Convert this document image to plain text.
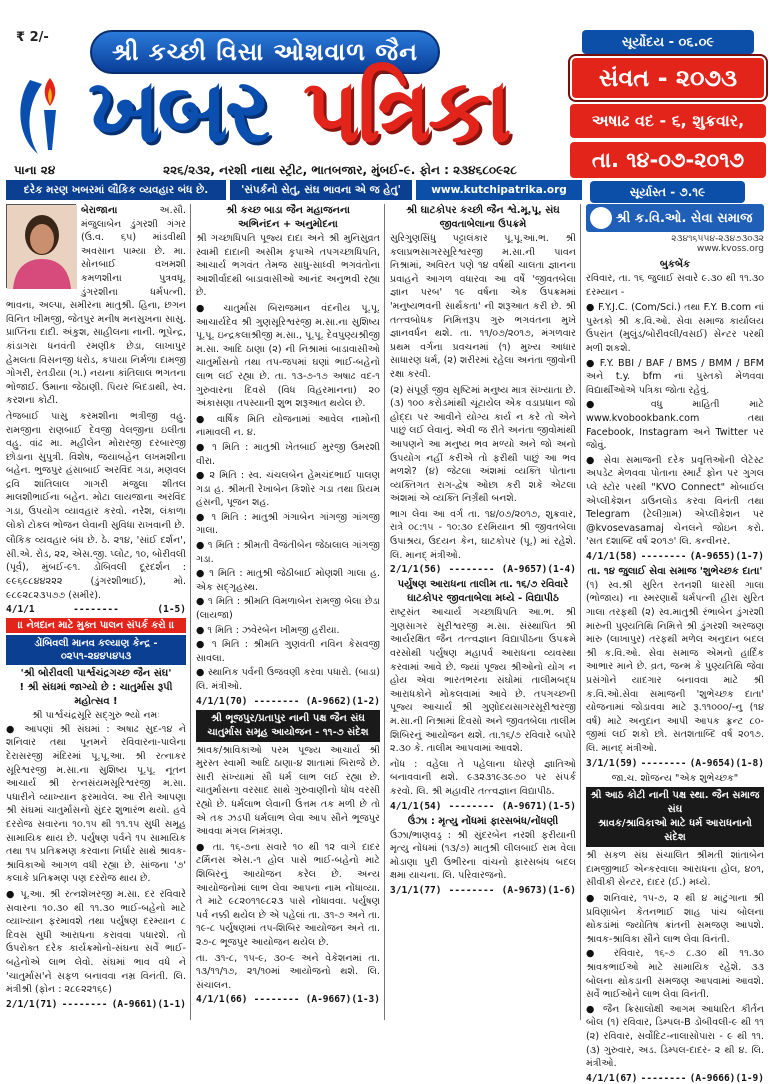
₹ 2/-
શ્રી કચ્છી વિસા ઓશવાળ જૈન
ખબર પત્રિકા
સૂર્યોદય - ૦૬.૦૯
સંવત - ૨૦૭૩
અષાઢ વદ - ૬, શુક્રવાર,
તા. ૧૪-૦૭-૨૦૧૭
સૂર્યાસ્ત - ૭.૧૯
પાના ૨૪	૨૨૬/૨૩૨, નરશી નાથા સ્ટ્રીટ, ભાતબજાર, મુંબઈ-૯. ફોન : ૨૩૪૬૮૦૯૨૮
દરેક મરણ ખબરમાં લૌકિક વ્યવહાર બંધ છે.	'સંપર્કનો સેતુ, સંઘ ભાવના એ જ હેતુ'	www.kutchipatrika.org
બેરાજાના	અ.સૌ. મંજુલાબેન ડુંગરશી ગંગર (ઉ.વ. ૬૫) માંડવીથી અવસાન પામ્યા છે. મા. સોનબાઈ વખમશી કમળશીના પુત્રવધૂ. ડુંગરશીના ધર્મપત્ની. ભાવના, અલ્પા, સમીરના માતુશ્રી. હિના, છગન વિનિત ખીમજી, જેતપુર મનીષ મનસુખના સાસુ. પ્રાપ્તિના દાદી. અંકુશ, સાહીલના નાની. ભૂપેન્દ્ર, કાંડાગરા ધનવંતી રમણીક છેડા, લાખાપુર હેમલતા વિસનજી ધરોડ, કપાયા નિર્મળા દામજી ગોગરી, રતડીયા (ગ.) નયના કાંતિલાલ ભગતના ભોજાઈ. ઉમાના જેઠાણી. પિયર બિદડાથી, સ્વ. કરશના કોટી.
તેજબાઈ પાસુ કરમશીના ભત્રીજી વહુ. રામજીના રાણબાઈ દેવજી વેલજીના ઇલીતા વહુ. વાંઢ મા. મહીલેન મોરારજી દરબારજી છોડાના સુપુત્રી. વિશેષ, જયાબહેન લખમશીના બહેન. ભુજપુર હંસાબાઈ અરવિંદ ગડા, મણવલ દ્રવિ શાંતિલાલ ગાગરી મંજુલા શીતલ માલશીભાઈના બહેન. મોટા લાયજાના અરવિંદ ગડા, ઉપયોગ વ્યાવહાર કરવો. નરેશ, લંકાળા લોકો ટોકલ ભોજન લેવાની સુવિધા રાખવાની છે.
લૌકિક વ્યવહાર બંધ છે. ઠે. ૨૧૪, 'સાંઈ દર્શન', સી.એ. રોડ, ૨૨, એસ.જી. પ્લોટ, ૧૦, બોરીવલી (પૂર્વ), મુંબઈ-૯૧. ડોંબિવલી દૂરદર્શન : ૯૯૬૯૮૪૪૨૨૨ (ડુંગરશીભાઈ), મો. ૯૮૯૨૮૨૩૫૭૭ (સમીર).
4/1/1	--------	(1-5)
।। નેત્રદાન માટે મુક્ત પાલન સંપર્ક કરો ।।
ડોંબિવલી માનવ કલ્યાણ કેન્દ્ર - ૦૨૫૧-૨૪૪૫૪૫૩
'શ્રી બોરીવલી પાર્શ્વચંદ્રગચ્છ જૈન સંઘ'
! શ્રી સંઘમાં જાગ્યો છે : ચાતુર્માસ રૂપી મહોત્સવ !
શ્રી પાર્શ્વચંદ્રસૂરિ સદ્ગુરુ ભ્યો નમઃ
● આપણાં શ્રી સંઘમાં : અષાઢ સુદ-૧૪ ને શનિવાર તથા પૂનમને રવિવારના-પાલેના દેરાસરજી મંદિરમાં પૂ.પૂ.આ. શ્રી રત્નાકર સૂરિશ્વરજી મ.સા.ના સુશિષ્ય પૂ.પૂ. નૂતન આચાર્ય શ્રી રત્નસંયમસૂરિશ્વરજી મ.સા. પધારીને વ્યાખ્યાન ફરમાવેલ. આ રીતે આપણા શ્રી સંઘમાં ચાતુર્માસનો સુંદર શુભારંભ થયો. હવે દરરોજ સવારના ૧૦.૧૫ થી ૧૧.૧૫ સુધી સમૂહ સામાયિક થાય છે. પર્યુષણ પર્વને ૧૫ સામાયિક તથા ૧૫ પ્રતિક્રમણ કરવાના નિર્ધાર સાથે શ્રાવક-શ્રાવિકાઓ આગળ વધી રહ્યા છે. સાંજના '૭' કલાકે પ્રતિક્રમણ પણ દરરોજ થાય છે.
● પૂ.આ. શ્રી રત્નશેખરજી મ.સા. દર રવિવારે સવારના ૧૦.૩૦ થી ૧૧.૩૦ ભાઈ-બહેનો માટે વ્યાખ્યાન ફરમાવશે તથા પર્યુષણ દરમ્યાન ૮ દિવસ સુધી આરાધના કરાવવા પધારશે. તો ઉપરોક્ત દરેક કાર્યક્રમોનો-સંઘના સર્વે ભાઈ-બહેનોએ લાભ લેવો. સંઘમાં ભાવ વધે ને 'ચાતુર્માસ'ને સફળ બનાવવા નમ્ર વિનંતી. લિ. મંત્રીશ્રી (ફોન : ૨૮૯૨૨૧૬૯)
2/1/1(71) -------- (A-9661)(1-1)
શ્રી કચ્છ બાડા જૈન મહાજનના
અભિનંદન + અનુમોદના
શ્રી ગચ્છાધિપતિ પૂજ્ય દાદા અને શ્રી મુનિસુવ્રત સ્વામી દાદાની અસીમ કૃપાએ તપગચ્છાધિપતિ, આચાર્ય ભગવંત તેમજ સાધુ-સાધ્વી ભગવંતોના આશીર્વાદથી બાડાવાસીઓ આનંદ અનુભવી રહ્યા છે.
● ચાતુર્માસ બિરાજમાન વંદનીય પૂ.પૂ. આચાર્યદેવ શ્રી ગુણસૂરિશ્વરજી મ.સા.ના સુશિષ્ય પૂ.પૂ. ઇન્દ્રકલાશ્રીજી મ.સા., પૂ.પૂ. દેવપુણ્યશ્રીજી મ.સા. આદિ ઠાણા (૨) ની નિશ્રામાં બાડાવાસીઓ ચાતુર્માસનો તથા તપ-જપમાં ઘણાં ભાઈ-બહેનો લાભ લઈ રહ્યા છે. તા. ૧૩-૭-૧૭ અષાઢ વદ-૧ ગુરુવારના દિવસે (વિધ વિહરમાનના) ૨૦ અંકાસણા તપસ્યાની શુભ શરૂઆત થયેલ છે.
● વાર્ષિક મિતિ યોજનામાં આવેલ નામોની નામાવલી ન. ૪.
● ૧ મિતિ : માતુશ્રી ખેતબાઈ મુરજી ઉમરશી વીરા.
● ૨ મિતિ : સ્વ. ચંચલબેન હેમચંદભાઈ પાલણ ગડા હ. શ્રીમતી રેખાબેન કિશોર ગડા તથા પ્રિયમ હંસની, પૂજન શહ.
● ૧ મિતિ : માતુશ્રી ગંગાબેન ગાંગજી ગાંગજી ગાલા.
● ૧ મિતિ : શ્રીમતી વૈજંતીબેન જેઠાલાલ ગાંગજી ગડા.
● ૧ મિતિ : માતુશ્રી જેઠીબાઈ મોણશી ગાલા હ. એક સદ્‌ગૃહસ્થ.
● ૧ મિતિ : શ્રીમતિ વિમળાબેન રામજી બેલા છેડા (લાયજા)
● ૧ મિતિ : ઝવેરબેન ખીમજી હરીયા.
● ૧ મિતિ : શ્રીમતિ ગુણવંતી નવિન કેસવજી સાવલા.
● સ્થાનિક પર્વની ઉજવણી કરવા પધારો. (બાડા) લિ. મંત્રીઓ.
4/1/1(70) -------- (A-9662)(1-2)
શ્રી ભૂજપુર/પ્રતાપુર નાની પક્ષ જૈન સંઘ
ચાતુર્માસ સમૂહ આયોજન - ૧૧-૭ સંદેશ
શ્રાવક/શ્રાવિકાઓ પરમ પૂજ્ય આચાર્ય શ્રી મુરસ્ત સ્વામી આદિ ઠાણા-૪ શાતામાં બિરાજે છે. સારી સંખ્યામાં સૌ ધર્મ લાભ લઈ રહ્યા છે. ચાતુર્માસના વરસાદ સાથે ગુરુવાણીનો ધોધ વરસી રહ્યો છે. ધર્મલાભ લેવાની ઉત્તમ તક મળી છે તો એ તક ઝડપી ધર્મલાભ લેવા આપ સૌને ભૂજપુર આવવા મંગલ નિમંત્રણ.
● તા. ૧૬-૭ના સવારે ૧૦ થી ૧૨ વાગે દાદર ટર્મિનસ એસ.-૧ હોલ પાસે ભાઈ-બહેનો માટે શિબિરનું આયોજન કરેલ છે. અન્ય આયોજનોમાં લાભ લેવા આપના નામ નોંધાવ્યા. તે માટે ૯૮૨૦૧૧૯૮૨૩ પાસે નોંધાવવા. પર્યુષણ પર્વ નક્કી થયેલ છે એ પહેલાં તા. ૩૧-૭ અને તા. ૧૯-૮ પર્યુષણમાં તપ-શિબિર આયોજન અને તા. ૨૭-૮ ભૂજપુર આયોજન થયેલ છે.
તા. ૩૧-૮, ૧૫-૯, ૩૦-૯ અને વેકેશનમાં તા. ૧૩/૧૧/૧૭, ૨૧/૧૦માં આયોજનો થશે. લિ. સંચાલન.
4/1/1(66) -------- (A-9667)(1-3)
શ્રી ઘાટકોપર કચ્છી જૈન શ્વે.મૂ.પૂ. સંઘ
જીવતાબેલાના ઉપક્રમે
સુરિ‌ગુણસિંધુ પટ્ટાલંકાર પૂ.પૂ.આ.ભ. શ્રી કલાપ્રભસાગરસૂરિશ્વરજી મ.સા.ની પાવન નિશ્રામાં, અવિરત પણે ૧૪ વર્ષથી ચાલતા જ્ઞાનના પ્રવાહને આગળ વધારવા આ વર્ષે 'જીવતબેલા જ્ઞાન પરબ' ૧૯ વર્ષના એક ઉપક્રમમાં 'મનુષ્યભવની સાર્થકતા' ની શરૂઆત કરી છે. શ્રી તત્ત્વબોધક નિમિત્તરૂપ ગુરુ ભગવંતના મુખે જ્ઞાનવર્ધન થશે. તા. ૧૧/૦૭/૨૦૧૭, મંગળવાર પ્રથમ વર્ગના પ્રવચનમાં (૧) મુખ્ય આધાર સાધારણ ધર્મ, (૨) શરીરમાં રહેલા અનંતા જીવોની રક્ષા કરવી.
(૨) સંપૂર્ણ જીવ સૃષ્ટિમાં મનુષ્ય માત્ર સંખ્યાતા છે. (૩) ૧૦૦ કરોડમાંથી ચૂંટાયેલ એક વડાપ્રધાન જો હોદ્દા પર આવીને યોગ્ય કાર્ય ન કરે તો એને પાછું લઈ લેવાનું. એવી જ રીતે અનંતા જીવોમાંથી આપણને આ મનુષ્ય ભવ મળ્યો અને જો અનો ઉપયોગ નહીં કરીએ તો ફરીથી પાછું આ ભવ મળશે? (૪) જેટલા અંશમાં વ્યક્તિ પોતાના વ્યક્તિગત રાગ-દ્વેષ ઓછા કરી શકે એટલા અંશમાં એ વ્યક્તિ નિર્ગ્રંથી બનશે.
ભાગ લેવા આ વર્ગ તા. ૧૪/૦૭/૨૦૧૭, શુક્રવાર, રાત્રે ૦૮:૧૫ - ૧૦:૩૦ દરમિયાન શ્રી જીવતબેલા ઉપાશ્રય, ઉદયન કેન, ઘાટકોપર (પૂ.) માં રહેશે. લિ. માનદ્ મંત્રીઓ.
2/1/1(56) -------- (A-9657)(1-4)
પર્યુષણ આરાધના તાલીમ તા. ૧૬/૭ રવિવારે
ઘાટકોપર જીવતાબેલા મધ્યે - વિદ્યાપીઠ
રાષ્ટ્રસંત આચાર્ય ગચ્છાધિપતિ આ.ભ. શ્રી ગુણસાગર સૂરીશ્વરજી મ.સા. સંસ્થાપિત શ્રી આર્યરક્ષિત જૈન તત્ત્વજ્ઞાન વિદ્યાપીઠના ઉપક્રમે વરસોથી પર્યુષણ મહાપર્વ આરાધના વ્યવસ્થા કરવામાં આવે છે. જ્યાં પૂજ્ય શ્રીઓનો યોગ ન હોય એવા ભારતભરના સંઘોમાં તાલીમબદ્ધ આરાધકોને મોકલવામાં આવે છે. તપગચ્છની પૂજ્ય આચાર્ય શ્રી ગુણોદયસાગરસૂરીશ્વરજી મ.સા.ની નિશ્રામાં દિવસો અને જીવતબેલા તાલીમ શિબિરનું આયોજન થશે. તા.૧૬/૭ રવિવારે બપોરે ૨.૩૦ કે. તાલીમ આપવામાં આવશે.
નોંધ : વહેલા તે પહેલાના ધોરણે જ્ઞાતિઓ બનાવવાની થશે. ૯૩૨૩૧૯૩૯૭૦ પર સંપર્ક કરવો. લિ. શ્રી મહાવીર તત્ત્વજ્ઞાન વિદ્યાપીઠ.
4/1/1(54) -------- (A-9671)(1-5)
ઉંઝા : મૃત્યુ નોંધમાં ફારસબંધ/નોંધણી
ઉંઝા/ભાણવડ્ર : શ્રી સુંદરબેન નરશી ફરીયાની મૃત્યુ નોંધમાં (૧૩/૭) માતુશ્રી લીલબાઈ રામ વેલા મોડાણા પુરી ઉભીરના વાંચનો ફારસબંધ બદલ ક્ષમા યાચના. લિ. પરિવારજનો.
3/1/1(77) -------- (A-9673)(1-6)
શ્રી ક.વિ.ઓ. સેવા સમાજ
૨૩૪૧૬૫૫૪-૨૩૪૭૩૦૩૨
www.kvoss.org
બુકબેંક
રવિવાર, તા. ૧૬ જુલાઈ સવારે ૯.૩૦ થી ૧૧.૩૦ દરમ્યાન -
● F.Y.J.C. (Com/Sci.) તથા F.Y. B.com નાં પુસ્તકો શ્રી ક.વિ.ઓ. સેવા સમાજ કાર્યાલય ઉપરાંત (મુલુંડ/બોરીવલી/વસઈ) સેન્ટર પરથી મળી શકશે.
● F.Y. BBI / BAF / BMS / BMM / BFM અને t.y. bfm નાં પુસ્તકો મેળવવા વિદ્યાર્થીઓએ પત્રિકા જોતા રહેવું.
● વધુ માહિતી માટે www.kvobookbank.com તથા Facebook, Instagram અને Twitter પર જોવું.
● સેવા સમાજની દરેક પ્રવૃત્તિઓની લેટેસ્ટ અપડેટ મેળવવા પોતાના સ્માર્ટ ફોન પર ગુગલ પ્લે સ્ટોર પરથી "KVO Connect" મોબાઈલ એપ્લીકેશન ડાઉનલોડ કરવા વિનંતી તથા Telegram (ટેલીગ્રામ) એપ્લીકેશન પર @kvosevasamaj ચેનલને જોઇન કરો. 'સત દશાબ્દિ વર્ષ ૨૦૧૭' લિ. કન્વીનર.
4/1/1(58) -------- (A-9655)(1-7)
તા. ૧૪ જુલાઈ સેવા સમાજ 'શુભેચ્છક દાતા'
(૧) સ્વ.શ્રી સુરિત રતનશી ધારસી ગાલા (ભોજાય) ના સ્મરણાર્થે ધર્મપત્ની હીરા સુરિત ગાલા તરફથી (૨) સ્વ.માતુશ્રી રંભાબેન ડુંગરશી મારુની પુણ્યતિથિ નિમિત્તે શ્રી ડુંગરશી અરજણ મારુ (લાખાપુર) તરફથી મળેલ અનુદાન બદલ શ્રી ક.વિ.ઓ. સેવા સમાજ એમનો હાર્દિક આભાર માને છે. વ્રત, જન્મ કે પુણ્યતિથિ જેવા પ્રસંગોને યાદગાર બનાવવા માટે શ્રી ક.વિ.ઓ.સેવા સમાજની 'શુભેચ્છક દાતા' યોજનામાં જોડાવવા માટે રૂ.૧૧૦૦૦/-નુ (૧૪ વર્ષ) માટે અનુદાન આપી આપક ફ્રન્ટ ૮૦-જીમાં લઈ શકો છો. સતશતાબ્દિ વર્ષ ૨૦૧૭. લિ. માનદ્ મંત્રીઓ.
3/1/1(59) -------- (A-9654)(1-8)
જા.ચ. શોજન્ય "એક શુભેચ્છક"
શ્રી આઠ કોટી નાની પક્ષ સ્થા. જૈન સમાજ સંઘ
શ્રાવક/શ્રાવિકાઓ માટે ધર્મ આરાધનાનો સંદેશ
શ્રી સકળ સંઘ સંચાલિત શ્રીમતી શાંતાબેન દામજીભાઈ એન્કરવાલા આરાધના હોલ, ૪૦૧, સીવીકી સેન્ટર, દાદર (ઈ.) મધ્યે.
● શનિવાર, ૧૫-૭, ૨ થી ૪ માટુંગાના શ્રી પ્રવિણાબેન કેતનભાઈ શાહ પાંચ બોલના થોકડાંમાં જ્યોતિષ ક્રાંતની સમજણ આપશે. શ્રાવક-શ્રાવિકા સૌને લાભ લેવા વિનંતી.
● રવિવાર, ૧૬-૭ ૮.૩૦ થી ૧૧.૩૦ શ્રાવકભાઈઓ માટે સામાયિક રહેશે. ૩૩ બોલના થોકડાની સમજણ આપવામાં આવશે. સર્વે ભાઈઓને લાભ લેવા વિનંતી.
● જૈન ક્રિસાલોક્ષી આગમ આધારિત કીર્તન બોલ (૧) રવિવાર, ડિમ્પલ-B ડોંબીવલી-૯ થી ૧૧ (૨) રવિવાર, સર્વોદિટ-નાલાસોપારા - ૯ થી ૧૧. (૩) ગુરુવાર, અડ. ડિમ્પલ-દાદર- ૨ થી ૪. લિ. મંત્રીઓ.
4/1/1(67) -------- (A-9666)(1-9)
